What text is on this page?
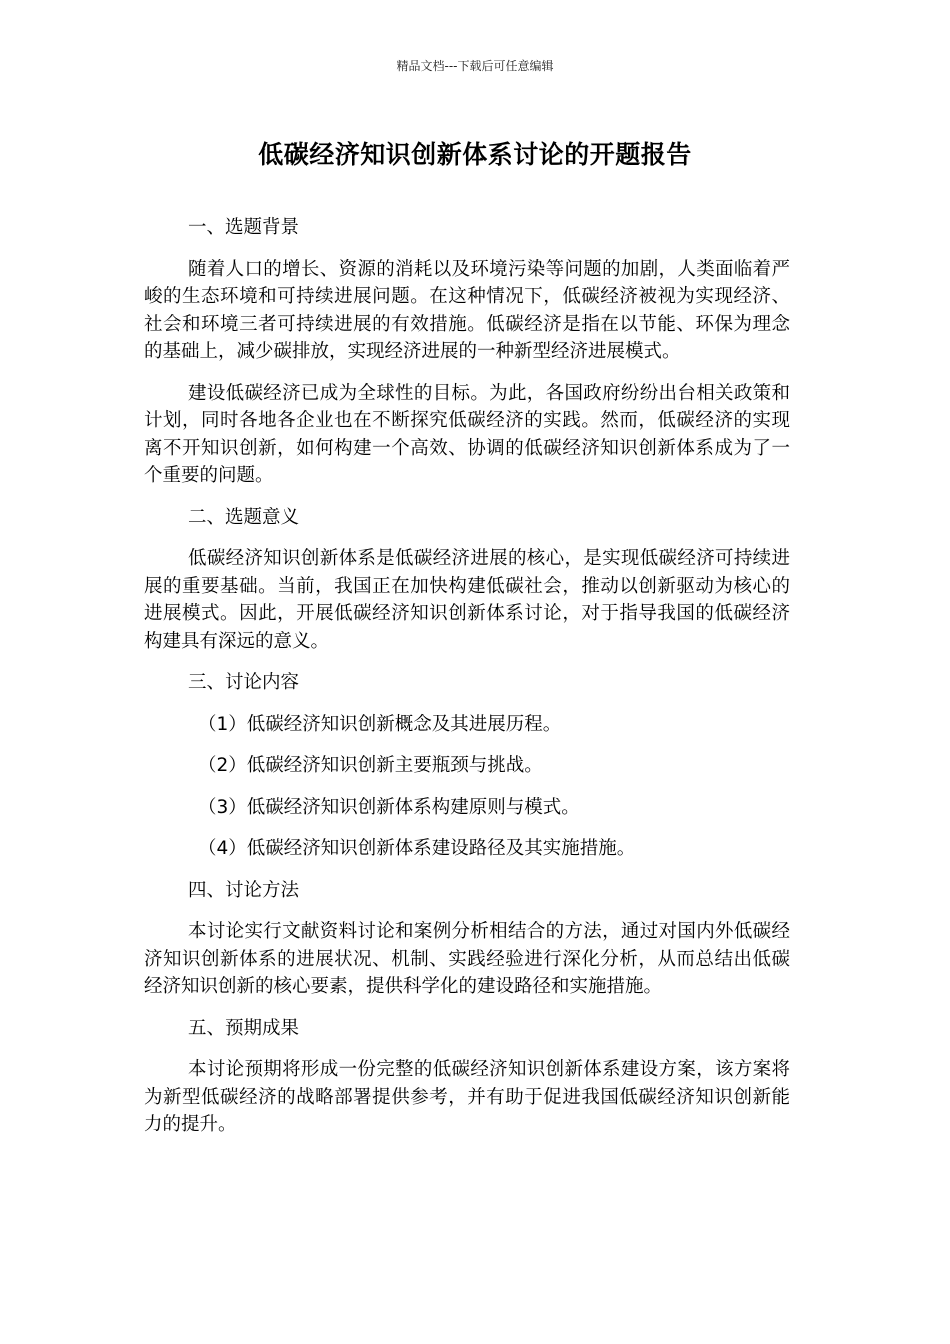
精品文档---下载后可任意编辑
低碳经济知识创新体系讨论的开题报告
一、选题背景
随着人口的增长、资源的消耗以及环境污染等问题的加剧，人类面临着严峻的生态环境和可持续进展问题。在这种情况下，低碳经济被视为实现经济、社会和环境三者可持续进展的有效措施。低碳经济是指在以节能、环保为理念的基础上，减少碳排放，实现经济进展的一种新型经济进展模式。
建设低碳经济已成为全球性的目标。为此，各国政府纷纷出台相关政策和计划，同时各地各企业也在不断探究低碳经济的实践。然而，低碳经济的实现离不开知识创新，如何构建一个高效、协调的低碳经济知识创新体系成为了一个重要的问题。
二、选题意义
低碳经济知识创新体系是低碳经济进展的核心，是实现低碳经济可持续进展的重要基础。当前，我国正在加快构建低碳社会，推动以创新驱动为核心的进展模式。因此，开展低碳经济知识创新体系讨论，对于指导我国的低碳经济构建具有深远的意义。
三、讨论内容
（1）低碳经济知识创新概念及其进展历程。
（2）低碳经济知识创新主要瓶颈与挑战。
（3）低碳经济知识创新体系构建原则与模式。
（4）低碳经济知识创新体系建设路径及其实施措施。
四、讨论方法
本讨论实行文献资料讨论和案例分析相结合的方法，通过对国内外低碳经济知识创新体系的进展状况、机制、实践经验进行深化分析，从而总结出低碳经济知识创新的核心要素，提供科学化的建设路径和实施措施。
五、预期成果
本讨论预期将形成一份完整的低碳经济知识创新体系建设方案，该方案将为新型低碳经济的战略部署提供参考，并有助于促进我国低碳经济知识创新能力的提升。
